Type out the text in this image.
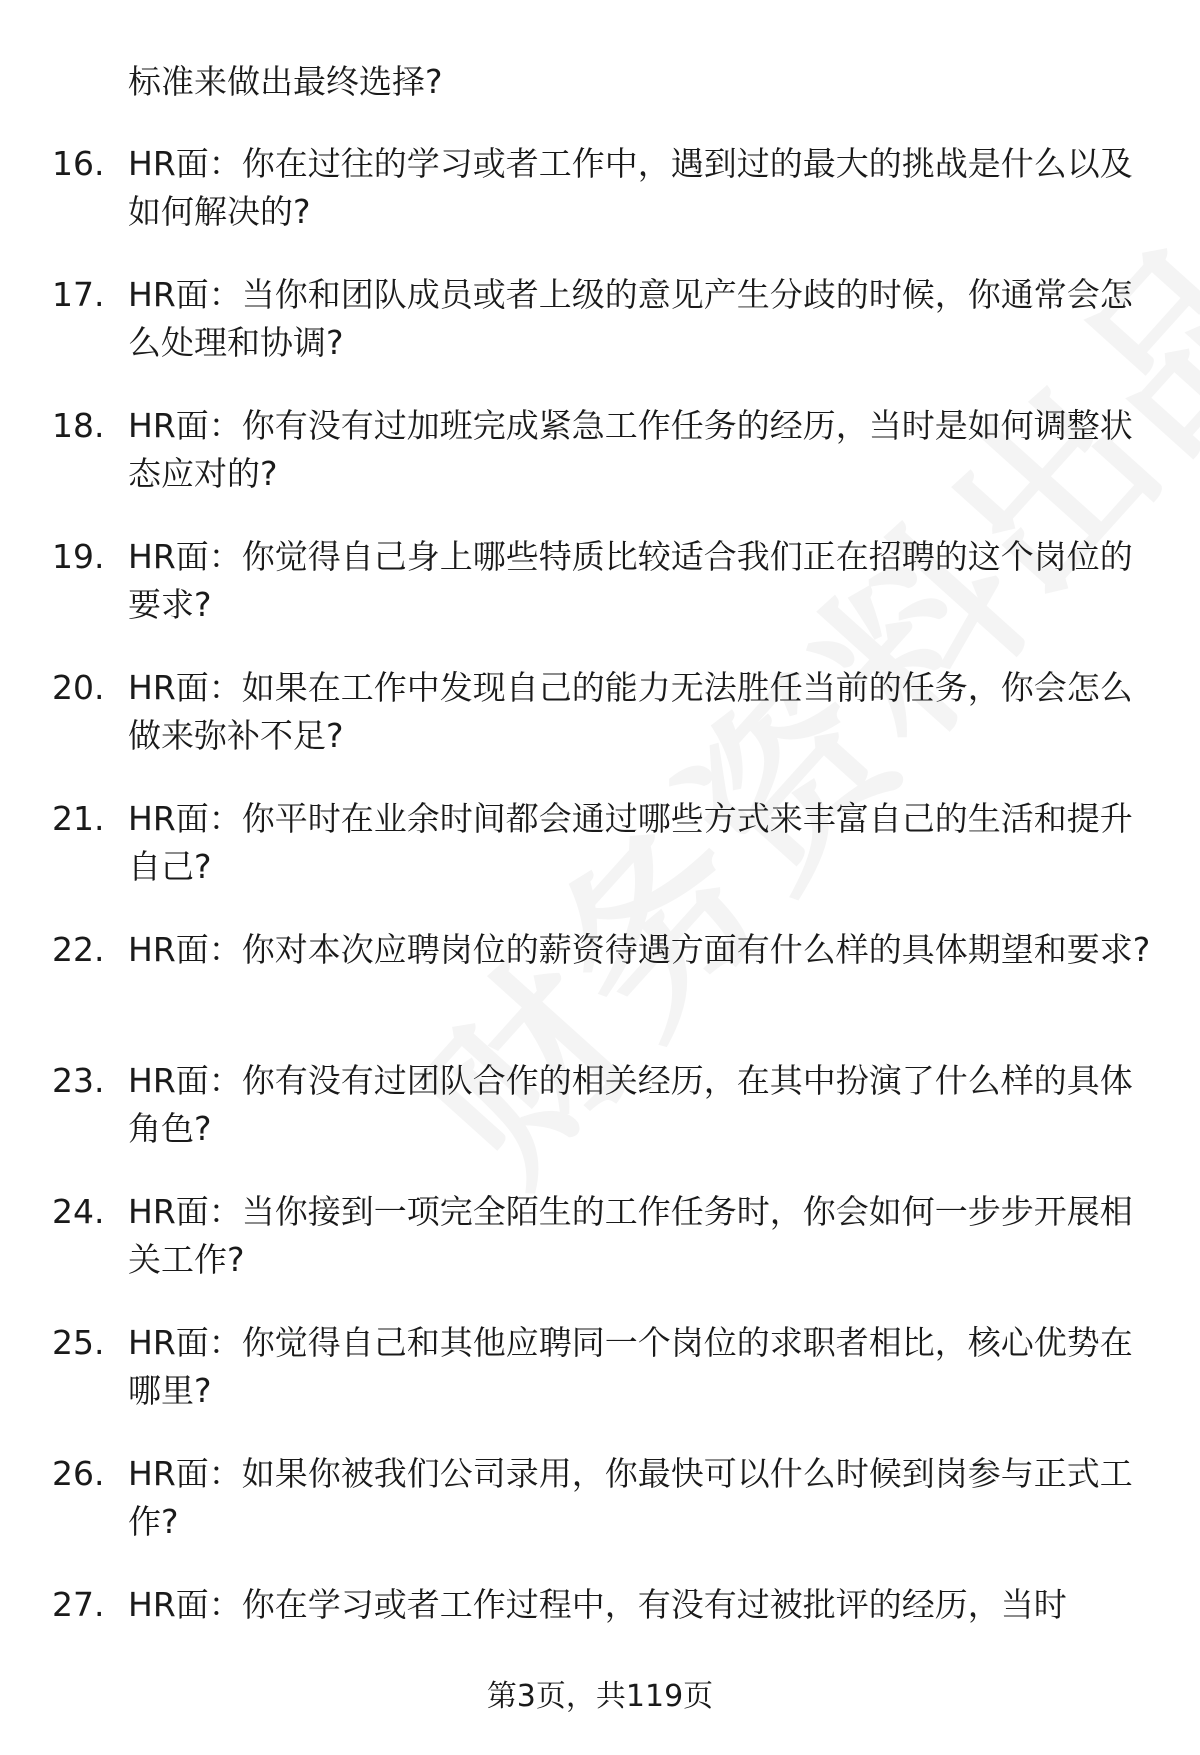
标准来做出最终选择?

16. HR面：你在过往的学习或者工作中，遇到过的最大的挑战是什么以及如何解决的?
17. HR面：当你和团队成员或者上级的意见产生分歧的时候，你通常会怎么处理和协调?
18. HR面：你有没有过加班完成紧急工作任务的经历，当时是如何调整状态应对的?
19. HR面：你觉得自己身上哪些特质比较适合我们正在招聘的这个岗位的要求?
20. HR面：如果在工作中发现自己的能力无法胜任当前的任务，你会怎么做来弥补不足?
21. HR面：你平时在业余时间都会通过哪些方式来丰富自己的生活和提升自己?
22. HR面：你对本次应聘岗位的薪资待遇方面有什么样的具体期望和要求?
23. HR面：你有没有过团队合作的相关经历，在其中扮演了什么样的具体角色?
24. HR面：当你接到一项完全陌生的工作任务时，你会如何一步步开展相关工作?
25. HR面：你觉得自己和其他应聘同一个岗位的求职者相比，核心优势在哪里?
26. HR面：如果你被我们公司录用，你最快可以什么时候到岗参与正式工作?
27. HR面：你在学习或者工作过程中，有没有过被批评的经历，当时
第3页，共119页
